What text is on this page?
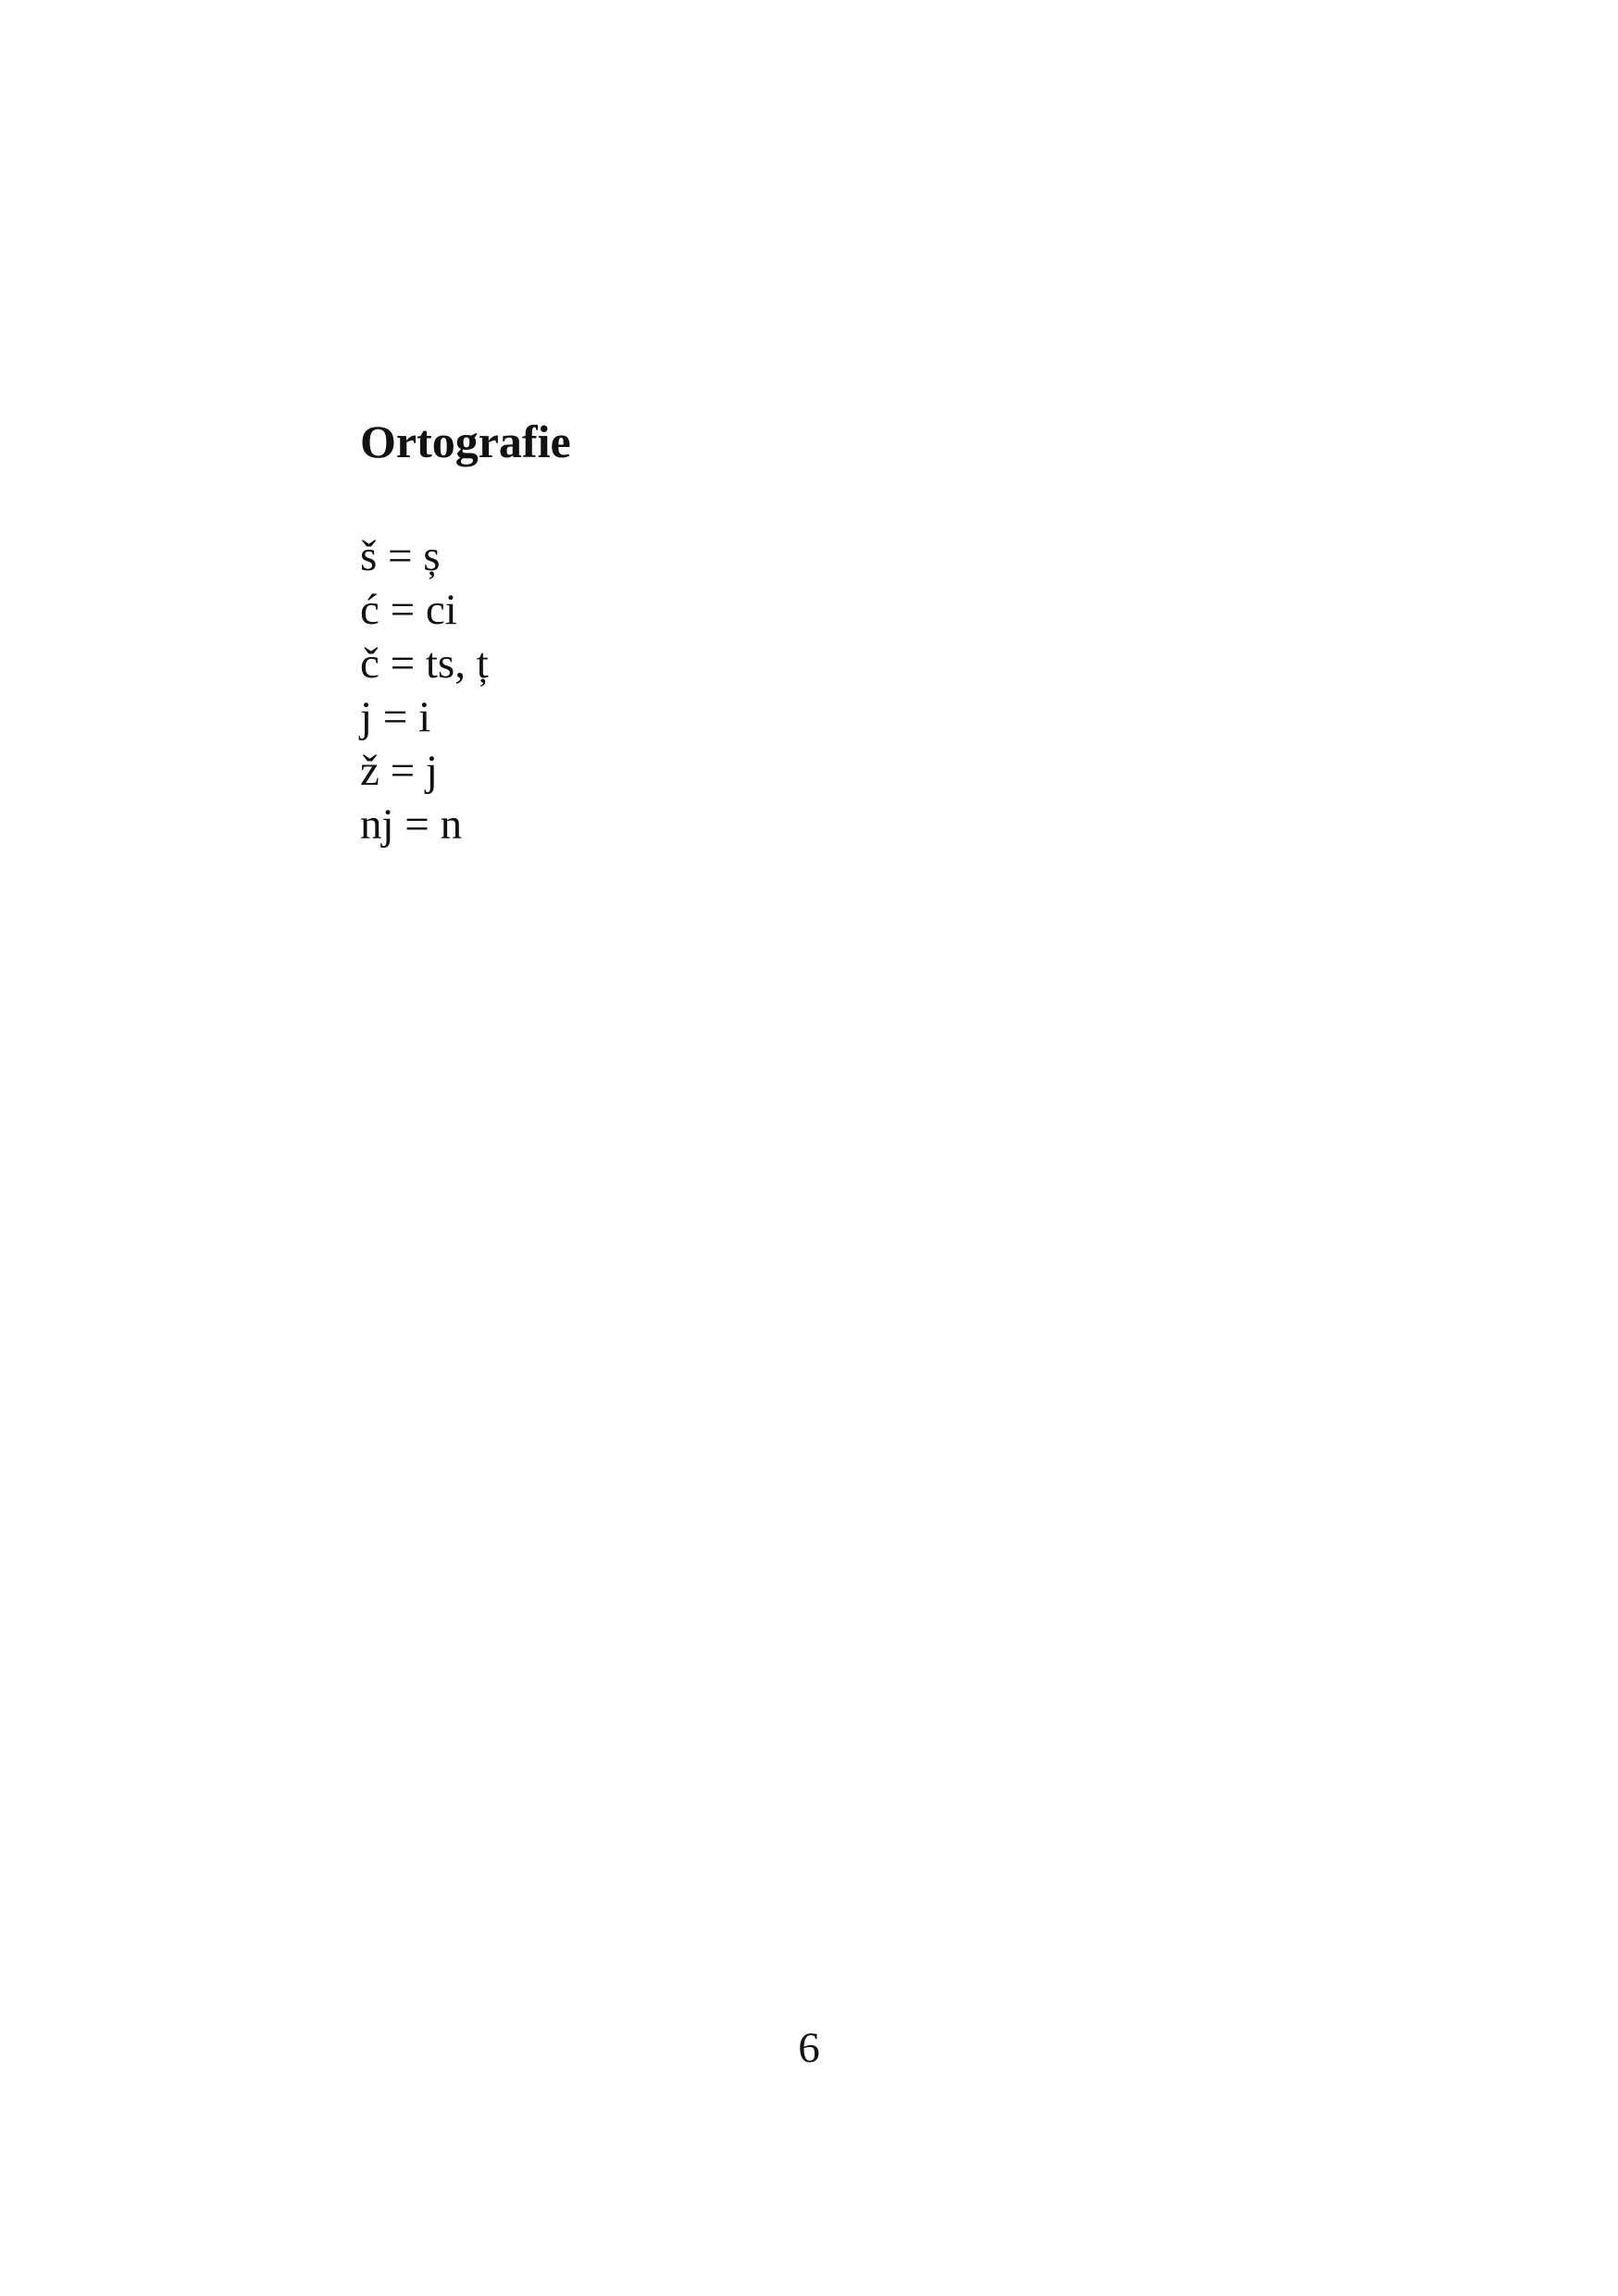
Ortografie
š = ș
ć = ci
č = ts, ț
j = i
ž = j
nj = n
6
